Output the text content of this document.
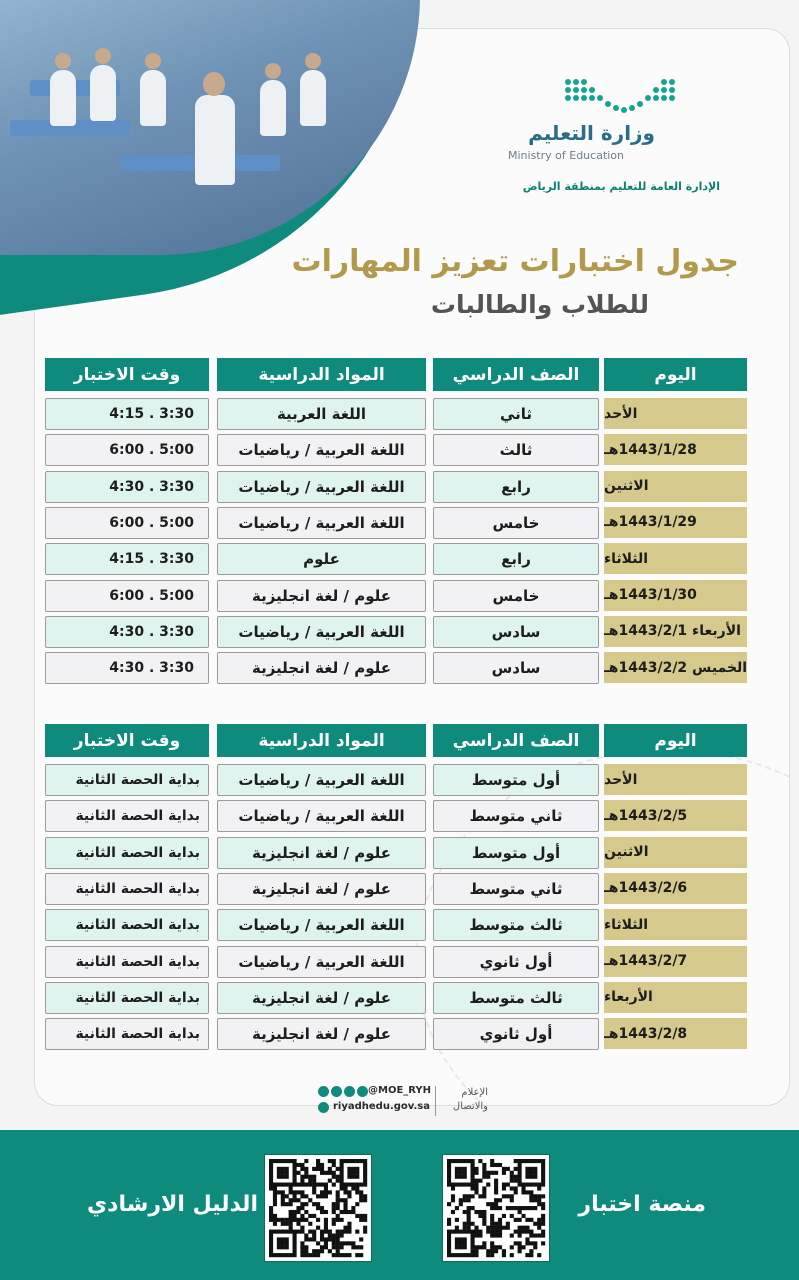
وزارة التعليم
Ministry of Education
الإدارة العامة للتعليم بمنطقة الرياض
جدول اختبارات تعزيز المهارات
للطلاب والطالبات
اليوم
الصف الدراسي
المواد الدراسية
وقت الاختبار
الأحد
ثاني
اللغة العربية
3:30 . 4:15
1443/1/28هـ
ثالث
اللغة العربية / رياضيات
5:00 . 6:00
الاثنين
رابع
اللغة العربية / رياضيات
3:30 . 4:30
1443/1/29هـ
خامس
اللغة العربية / رياضيات
5:00 . 6:00
الثلاثاء
رابع
علوم
3:30 . 4:15
1443/1/30هـ
خامس
علوم / لغة انجليزية
5:00 . 6:00
الأربعاء 1443/2/1هـ
سادس
اللغة العربية / رياضيات
3:30 . 4:30
الخميس 1443/2/2هـ
سادس
علوم / لغة انجليزية
3:30 . 4:30
اليوم
الصف الدراسي
المواد الدراسية
وقت الاختبار
الأحد
أول متوسط
اللغة العربية / رياضيات
بداية الحصة الثانية
1443/2/5هـ
ثاني متوسط
اللغة العربية / رياضيات
بداية الحصة الثانية
الاثنين
أول متوسط
علوم / لغة انجليزية
بداية الحصة الثانية
1443/2/6هـ
ثاني متوسط
علوم / لغة انجليزية
بداية الحصة الثانية
الثلاثاء
ثالث متوسط
اللغة العربية / رياضيات
بداية الحصة الثانية
1443/2/7هـ
أول ثانوي
اللغة العربية / رياضيات
بداية الحصة الثانية
الأربعاء
ثالث متوسط
علوم / لغة انجليزية
بداية الحصة الثانية
1443/2/8هـ
أول ثانوي
علوم / لغة انجليزية
بداية الحصة الثانية
@MOE_RYH
riyadhedu.gov.sa
الإعلام والاتصال
منصة اختبار
الدليل الارشادي
